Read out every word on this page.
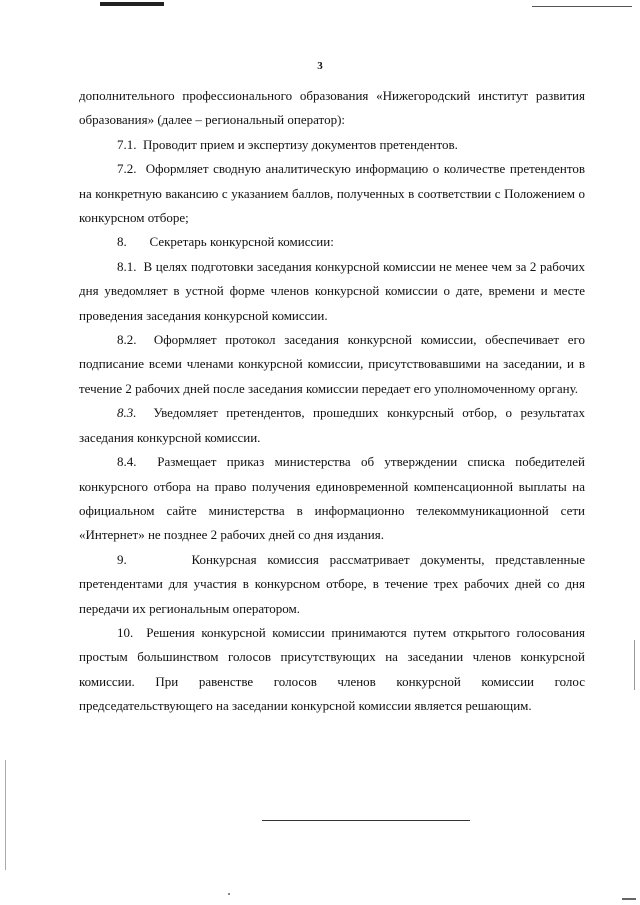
3

дополнительного профессионального образования «Нижегородский институт развития образования» (далее – региональный оператор):

7.1. Проводит прием и экспертизу документов претендентов.

7.2. Оформляет сводную аналитическую информацию о количестве претендентов на конкретную вакансию с указанием баллов, полученных в соответствии с Положением о конкурсном отборе;

8. Секретарь конкурсной комиссии:

8.1. В целях подготовки заседания конкурсной комиссии не менее чем за 2 рабочих дня уведомляет в устной форме членов конкурсной комиссии о дате, времени и месте проведения заседания конкурсной комиссии.

8.2. Оформляет протокол заседания конкурсной комиссии, обеспечивает его подписание всеми членами конкурсной комиссии, присутствовавшими на заседании, и в течение 2 рабочих дней после заседания комиссии передает его уполномоченному органу.

8.3. Уведомляет претендентов, прошедших конкурсный отбор, о результатах заседания конкурсной комиссии.

8.4. Размещает приказ министерства об утверждении списка победителей конкурсного отбора на право получения единовременной компенсационной выплаты на официальном сайте министерства в информационно телекоммуникационной сети «Интернет» не позднее 2 рабочих дней со дня издания.

9.	Конкурсная комиссия рассматривает документы, представленные претендентами для участия в конкурсном отборе, в течение трех рабочих дней со дня передачи их региональным оператором.

10. Решения конкурсной комиссии принимаются путем открытого голосования простым большинством голосов присутствующих на заседании членов конкурсной комиссии. При равенстве голосов членов конкурсной комиссии голос председательствующего на заседании конкурсной комиссии является решающим.
